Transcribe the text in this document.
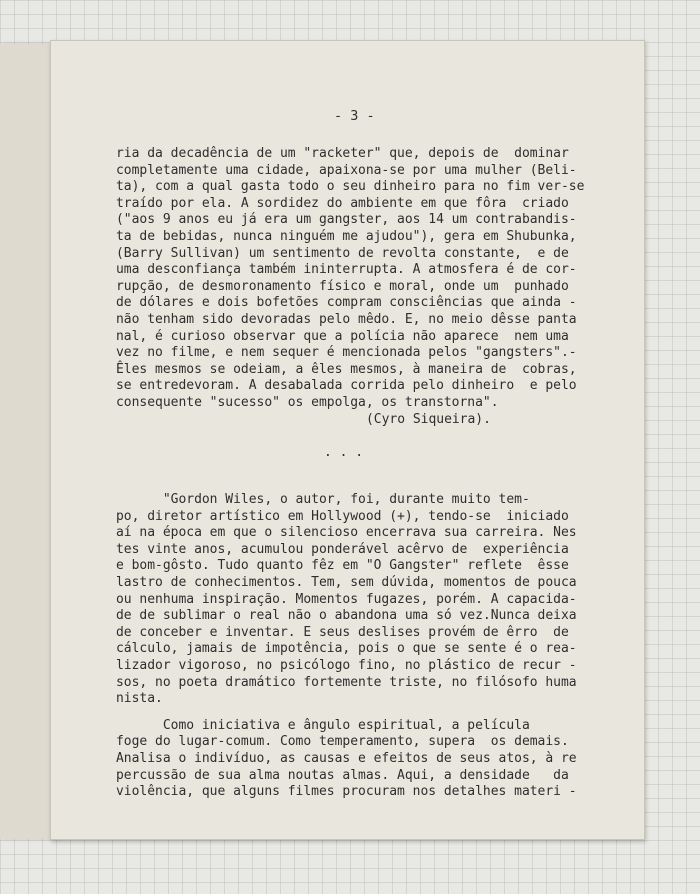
- 3 -
ria da decadência de um "racketer" que, depois de  dominar
completamente uma cidade, apaixona-se por uma mulher (Beli-
ta), com a qual gasta todo o seu dinheiro para no fim ver-se
traído por ela. A sordidez do ambiente em que fôra  criado
("aos 9 anos eu já era um gangster, aos 14 um contrabandis-
ta de bebidas, nunca ninguém me ajudou"), gera em Shubunka,
(Barry Sullivan) um sentimento de revolta constante,  e de
uma desconfiança também ininterrupta. A atmosfera é de cor-
rupção, de desmoronamento físico e moral, onde um  punhado
de dólares e dois bofetões compram consciências que ainda -
não tenham sido devoradas pelo mêdo. E, no meio dêsse panta
nal, é curioso observar que a polícia não aparece  nem uma
vez no filme, e nem sequer é mencionada pelos "gangsters".-
Êles mesmos se odeiam, a êles mesmos, à maneira de  cobras,
se entredevoram. A desabalada corrida pelo dinheiro  e pelo
consequente "sucesso" os empolga, os transtorna".
(Cyro Siqueira).
. . .
"Gordon Wiles, o autor, foi, durante muito tem-
po, diretor artístico em Hollywood (+), tendo-se  iniciado
aí na época em que o silencioso encerrava sua carreira. Nes
tes vinte anos, acumulou ponderável acêrvo de  experiência
e bom-gôsto. Tudo quanto fêz em "O Gangster" reflete  êsse
lastro de conhecimentos. Tem, sem dúvida, momentos de pouca
ou nenhuma inspiração. Momentos fugazes, porém. A capacida-
de de sublimar o real não o abandona uma só vez.Nunca deixa
de conceber e inventar. E seus deslises provém de êrro  de
cálculo, jamais de impotência, pois o que se sente é o rea-
lizador vigoroso, no psicólogo fino, no plástico de recur -
sos, no poeta dramático fortemente triste, no filósofo huma
nista.
Como iniciativa e ângulo espiritual, a película
foge do lugar-comum. Como temperamento, supera  os demais.
Analisa o indivíduo, as causas e efeitos de seus atos, à re
percussão de sua alma noutas almas. Aqui, a densidade   da
violência, que alguns filmes procuram nos detalhes materi -
